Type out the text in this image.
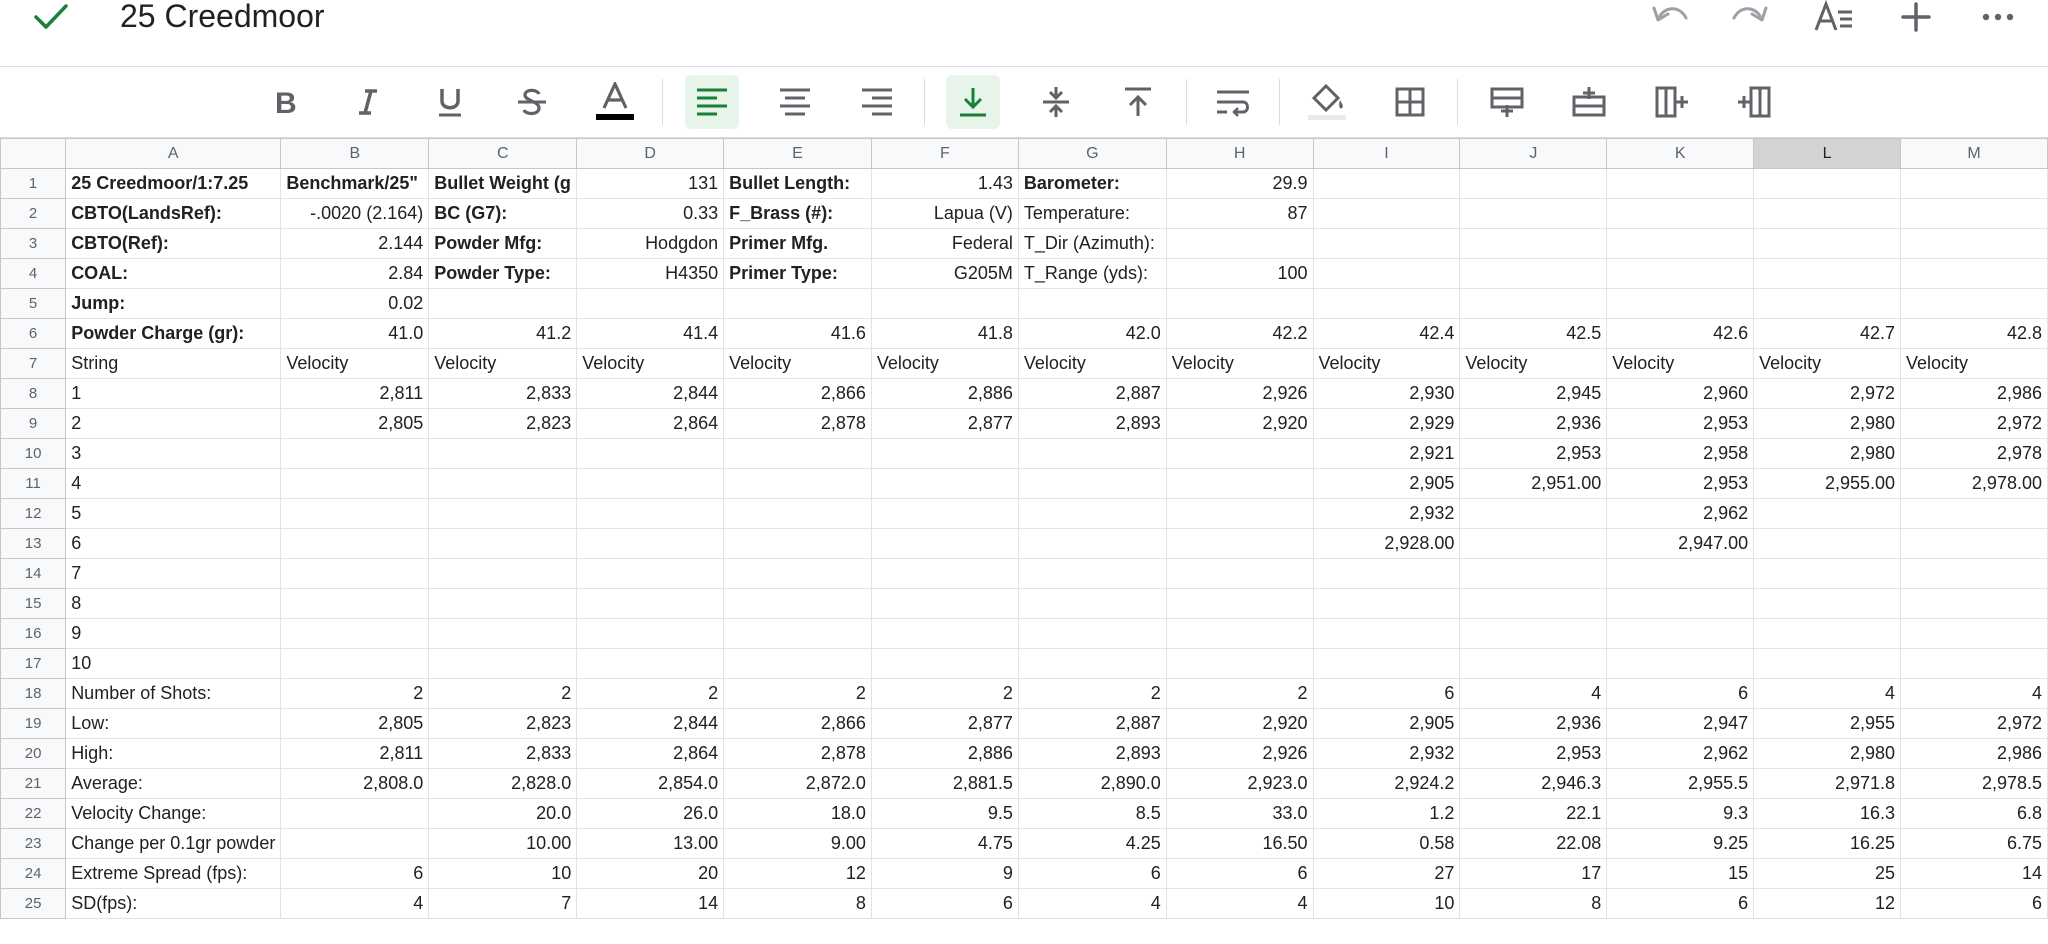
25 Creedmoor
B
	A	B	C	D	E	F	G	H	I	J	K	L	M
1	25 Creedmoor/1:7.25	Benchmark/25"	Bullet Weight (g	131	Bullet Length:	1.43	Barometer:	29.9					
2	CBTO(LandsRef):	-.0020 (2.164)	BC (G7):	0.33	F_Brass (#):	Lapua (V)	Temperature:	87					
3	CBTO(Ref):	2.144	Powder Mfg:	Hodgdon	Primer Mfg.	Federal	T_Dir (Azimuth):						
4	COAL:	2.84	Powder Type:	H4350	Primer Type:	G205M	T_Range (yds):	100					
5	Jump:	0.02											
6	Powder Charge (gr):	41.0	41.2	41.4	41.6	41.8	42.0	42.2	42.4	42.5	42.6	42.7	42.8
7	String	Velocity	Velocity	Velocity	Velocity	Velocity	Velocity	Velocity	Velocity	Velocity	Velocity	Velocity	Velocity
8	1	2,811	2,833	2,844	2,866	2,886	2,887	2,926	2,930	2,945	2,960	2,972	2,986
9	2	2,805	2,823	2,864	2,878	2,877	2,893	2,920	2,929	2,936	2,953	2,980	2,972
10	3								2,921	2,953	2,958	2,980	2,978
11	4								2,905	2,951.00	2,953	2,955.00	2,978.00
12	5								2,932		2,962		
13	6								2,928.00		2,947.00		
14	7												
15	8												
16	9												
17	10												
18	Number of Shots:	2	2	2	2	2	2	2	6	4	6	4	4
19	Low:	2,805	2,823	2,844	2,866	2,877	2,887	2,920	2,905	2,936	2,947	2,955	2,972
20	High:	2,811	2,833	2,864	2,878	2,886	2,893	2,926	2,932	2,953	2,962	2,980	2,986
21	Average:	2,808.0	2,828.0	2,854.0	2,872.0	2,881.5	2,890.0	2,923.0	2,924.2	2,946.3	2,955.5	2,971.8	2,978.5
22	Velocity Change:		20.0	26.0	18.0	9.5	8.5	33.0	1.2	22.1	9.3	16.3	6.8
23	Change per 0.1gr powder		10.00	13.00	9.00	4.75	4.25	16.50	0.58	22.08	9.25	16.25	6.75
24	Extreme Spread (fps):	6	10	20	12	9	6	6	27	17	15	25	14
25	SD(fps):	4	7	14	8	6	4	4	10	8	6	12	6
